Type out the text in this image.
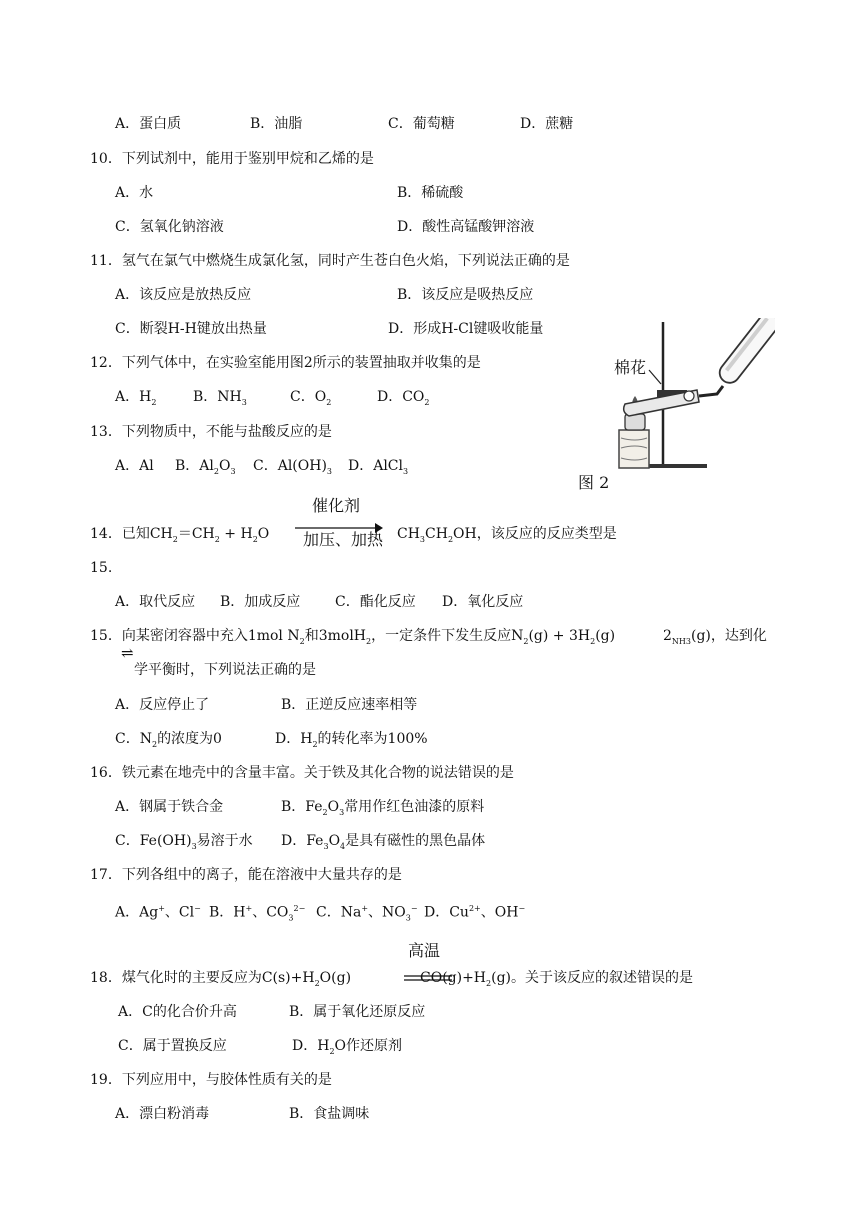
A．蛋白质	B．油脂	C．葡萄糖	D．蔗糖
10．下列试剂中，能用于鉴别甲烷和乙烯的是
A．水	B．稀硫酸
C．氢氧化钠溶液	D．酸性高锰酸钾溶液
11．氢气在氯气中燃烧生成氯化氢，同时产生苍白色火焰，下列说法正确的是
A．该反应是放热反应	B．该反应是吸热反应
C．断裂H-H键放出热量	D．形成H-Cl键吸收能量
12．下列气体中，在实验室能用图2所示的装置抽取并收集的是
A．$H_2$	B．$NH_3$	C．$O_2$	D．$CO_2$
棉花
图 2
13．下列物质中，不能与盐酸反应的是
A．Al B．$Al_2O_3$ C．$Al(OH)_3$ D．AlCl$_3$
催化剂
加压、加热
14．已知$CH_2=CH_2 + H_2O$	$CH_3CH_2OH$，该反应的反应类型是
15.
A．取代反应 B．加成反应 C．酯化反应 D．氧化反应
15．向某密闭容器中充入1mol $N_2$和3molH$_2$，一定条件下发生反应$N_2(g) + 3H_2(g)$	$2_{NH3}(g)$，达到化
⇌
学平衡时，下列说法正确的是
A．反应停止了	B．正逆反应速率相等
C．$N_2$的浓度为0	D．$H_2$的转化率为100%
16．铁元素在地壳中的含量丰富。关于铁及其化合物的说法错误的是
A．钢属于铁合金	B．$Fe_2O_3$常用作红色油漆的原料
C．$Fe(OH)_3$易溶于水 D．$Fe_3O_4$是具有磁性的黑色晶体
17．下列各组中的离子，能在溶液中大量共存的是
A．Ag+、Cl− B．H+、$CO_3^{2-}$ C．Na+、$NO_3^-$ D．$Cu^{2+}$、OH−
高温
18．煤气化时的主要反应为$C(s)+H_2O(g)$	$CO(g)+H_2(g)$。关于该反应的叙述错误的是
A．C的化合价升高	B．属于氧化还原反应
C．属于置换反应	D．$H_2O$作还原剂
19．下列应用中，与胶体性质有关的是
A．漂白粉消毒	B．食盐调味
